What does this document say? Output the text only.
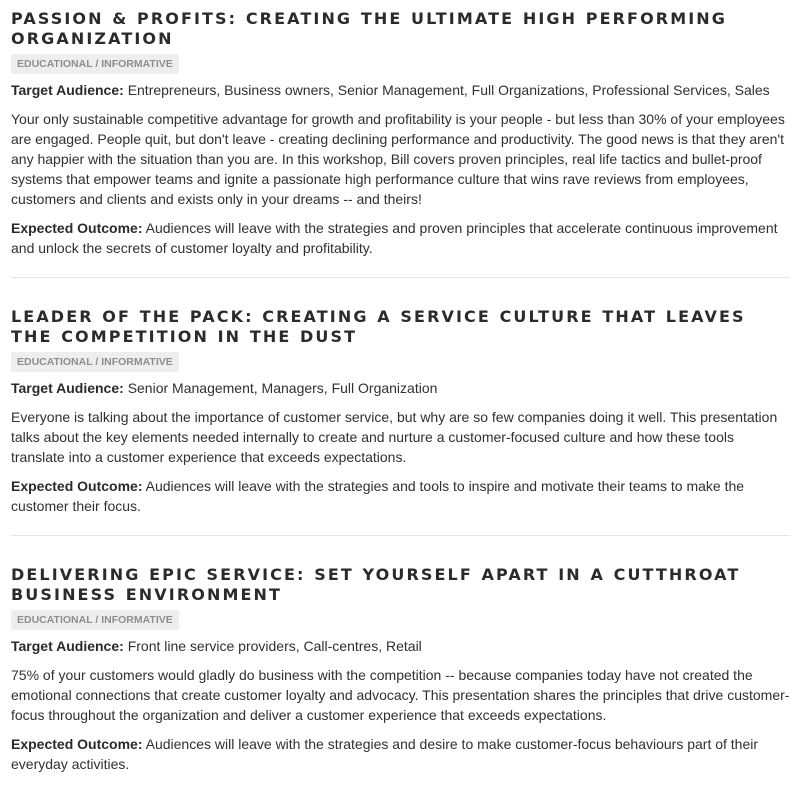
PASSION & PROFITS: CREATING THE ULTIMATE HIGH PERFORMING ORGANIZATION
EDUCATIONAL / INFORMATIVE

Target Audience: Entrepreneurs, Business owners, Senior Management, Full Organizations, Professional Services, Sales

Your only sustainable competitive advantage for growth and profitability is your people - but less than 30% of your employees are engaged. People quit, but don't leave - creating declining performance and productivity. The good news is that they aren't any happier with the situation than you are. In this workshop, Bill covers proven principles, real life tactics and bullet-proof systems that empower teams and ignite a passionate high performance culture that wins rave reviews from employees, customers and clients and exists only in your dreams -- and theirs!

Expected Outcome: Audiences will leave with the strategies and proven principles that accelerate continuous improvement and unlock the secrets of customer loyalty and profitability.

LEADER OF THE PACK: CREATING A SERVICE CULTURE THAT LEAVES THE COMPETITION IN THE DUST
EDUCATIONAL / INFORMATIVE

Target Audience: Senior Management, Managers, Full Organization

Everyone is talking about the importance of customer service, but why are so few companies doing it well. This presentation talks about the key elements needed internally to create and nurture a customer-focused culture and how these tools translate into a customer experience that exceeds expectations.

Expected Outcome: Audiences will leave with the strategies and tools to inspire and motivate their teams to make the customer their focus.

DELIVERING EPIC SERVICE: SET YOURSELF APART IN A CUTTHROAT BUSINESS ENVIRONMENT
EDUCATIONAL / INFORMATIVE

Target Audience: Front line service providers, Call-centres, Retail

75% of your customers would gladly do business with the competition -- because companies today have not created the emotional connections that create customer loyalty and advocacy. This presentation shares the principles that drive customer-focus throughout the organization and deliver a customer experience that exceeds expectations.

Expected Outcome: Audiences will leave with the strategies and desire to make customer-focus behaviours part of their everyday activities.
